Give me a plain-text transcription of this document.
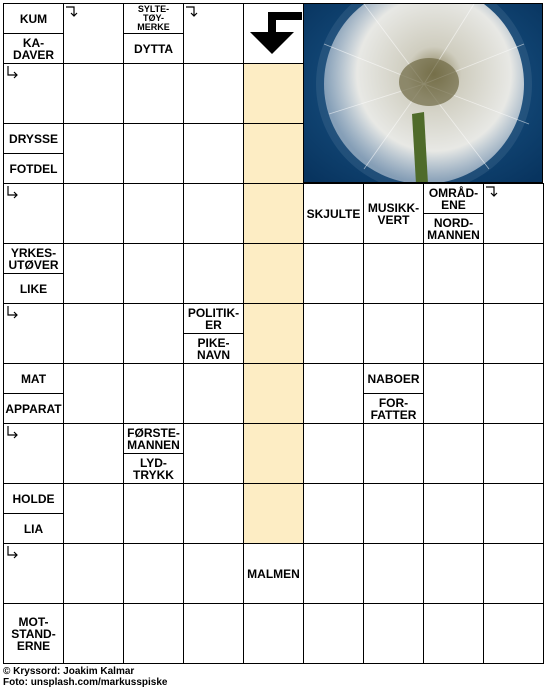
KUM
KA-
DAVER
SYLTE-
TØY-
MERKE
DYTTA
DRYSSE
FOTDEL
SKJULTE MUSIKK-
VERT
OMRÅD-
ENE
NORD-
MANNEN
YRKES-
UTØVER
LIKE
POLITIK-
ER
PIKE-
NAVN
MAT
APPARAT
NABOER
FOR-
FATTER
FØRSTE-
MANNEN
LYD-
TRYKK
HOLDE
LIA
MALMEN
MOT-
STAND-
ERNE
© Kryssord: Joakim Kalmar
Foto: unsplash.com/markusspiske
